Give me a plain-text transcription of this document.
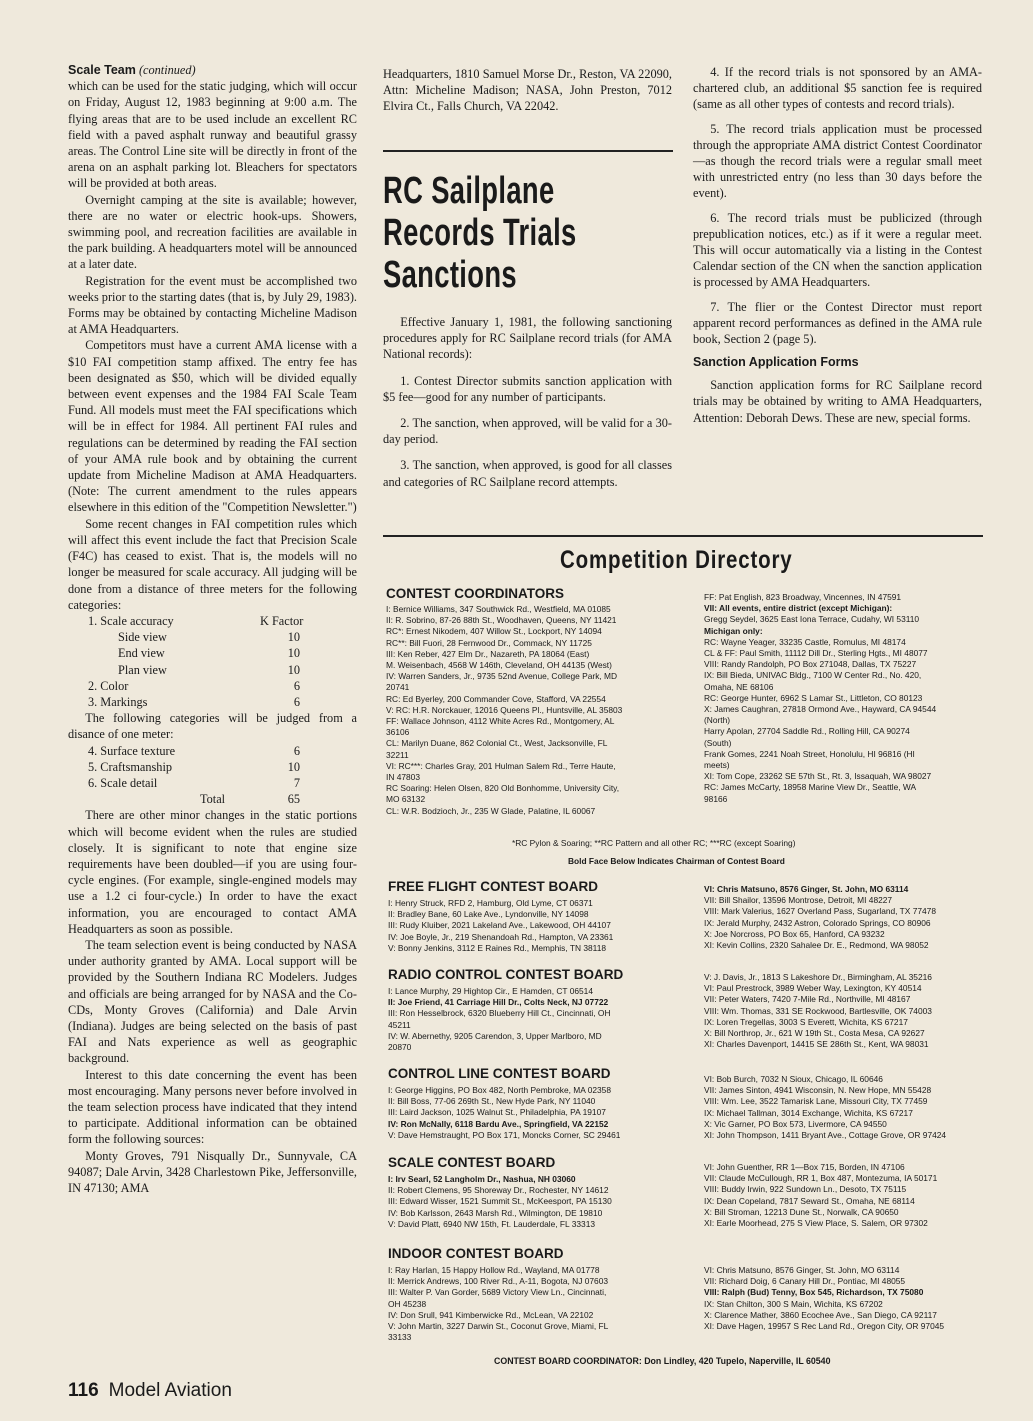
Scale Team (continued)

which can be used for the static judging, which will occur on Friday, August 12, 1983 beginning at 9:00 a.m. The flying areas that are to be used include an excellent RC field with a paved asphalt runway and beautiful grassy areas. The Control Line site will be directly in front of the arena on an asphalt parking lot. Bleachers for spectators will be provided at both areas.

Overnight camping at the site is available; however, there are no water or electric hook-ups. Showers, swimming pool, and recreation facilities are available in the park building. A headquarters motel will be announced at a later date.

Registration for the event must be accomplished two weeks prior to the starting dates (that is, by July 29, 1983). Forms may be obtained by contacting Micheline Madison at AMA Headquarters.

Competitors must have a current AMA license with a $10 FAI competition stamp affixed. The entry fee has been designated as $50, which will be divided equally between event expenses and the 1984 FAI Scale Team Fund. All models must meet the FAI specifications which will be in effect for 1984. All pertinent FAI rules and regulations can be determined by reading the FAI section of your AMA rule book and by obtaining the current update from Micheline Madison at AMA Headquarters. (Note: The current amendment to the rules appears elsewhere in this edition of the "Competition Newsletter.")

Some recent changes in FAI competition rules which will affect this event include the fact that Precision Scale (F4C) has ceased to exist. That is, the models will no longer be measured for scale accuracy. All judging will be done from a distance of three meters for the following categories:

1. Scale accuracy	K Factor
Side view	10
End view	10
Plan view	10
2. Color	6
3. Markings	6

The following categories will be judged from a disance of one meter:

4. Surface texture	6
5. Craftsmanship	10
6. Scale detail	7
Total	65

There are other minor changes in the static portions which will become evident when the rules are studied closely. It is significant to note that engine size requirements have been doubled—if you are using four-cycle engines. (For example, single-engined models may use a 1.2 ci four-cycle.) In order to have the exact information, you are encouraged to contact AMA Headquarters as soon as possible.

The team selection event is being conducted by NASA under authority granted by AMA. Local support will be provided by the Southern Indiana RC Modelers. Judges and officials are being arranged for by NASA and the Co-CDs, Monty Groves (California) and Dale Arvin (Indiana). Judges are being selected on the basis of past FAI and Nats experience as well as geographic background.

Interest to this date concerning the event has been most encouraging. Many persons never before involved in the team selection process have indicated that they intend to participate. Additional information can be obtained form the following sources:

Monty Groves, 791 Nisqually Dr., Sunnyvale, CA 94087; Dale Arvin, 3428 Charlestown Pike, Jeffersonville, IN 47130; AMA

Headquarters, 1810 Samuel Morse Dr., Reston, VA 22090, Attn: Micheline Madison; NASA, John Preston, 7012 Elvira Ct., Falls Church, VA 22042.

RC Sailplane
Records Trials
Sanctions

Effective January 1, 1981, the following sanctioning procedures apply for RC Sailplane record trials (for AMA National records):

1. Contest Director submits sanction application with $5 fee—good for any number of participants.

2. The sanction, when approved, will be valid for a 30-day period.

3. The sanction, when approved, is good for all classes and categories of RC Sailplane record attempts.

4. If the record trials is not sponsored by an AMA-chartered club, an additional $5 sanction fee is required (same as all other types of contests and record trials).

5. The record trials application must be processed through the appropriate AMA district Contest Coordinator—as though the record trials were a regular small meet with unrestricted entry (no less than 30 days before the event).

6. The record trials must be publicized (through prepublication notices, etc.) as if it were a regular meet. This will occur automatically via a listing in the Contest Calendar section of the CN when the sanction application is processed by AMA Headquarters.

7. The flier or the Contest Director must report apparent record performances as defined in the AMA rule book, Section 2 (page 5).

Sanction Application Forms

Sanction application forms for RC Sailplane record trials may be obtained by writing to AMA Headquarters, Attention: Deborah Dews. These are new, special forms.

Competition Directory
CONTEST COORDINATORS
I: Bernice Williams, 347 Southwick Rd., Westfield, MA 01085
II: R. Sobrino, 87-26 88th St., Woodhaven, Queens, NY 11421
RC*: Ernest Nikodem, 407 Willow St., Lockport, NY 14094
RC**: Bill Fuori, 28 Fernwood Dr., Commack, NY 11725
III: Ken Reber, 427 Elm Dr., Nazareth, PA 18064 (East)
M. Weisenbach, 4568 W 146th, Cleveland, OH 44135 (West)
IV: Warren Sanders, Jr., 9735 52nd Avenue, College Park, MD
20741
RC: Ed Byerley, 200 Commander Cove, Stafford, VA 22554
V: RC: H.R. Norckauer, 12016 Queens Pl., Huntsville, AL 35803
FF: Wallace Johnson, 4112 White Acres Rd., Montgomery, AL
36106
CL: Marilyn Duane, 862 Colonial Ct., West, Jacksonville, FL
32211
VI: RC***: Charles Gray, 201 Hulman Salem Rd., Terre Haute,
IN 47803
RC Soaring: Helen Olsen, 820 Old Bonhomme, University City,
MO 63132
CL: W.R. Bodzioch, Jr., 235 W Glade, Palatine, IL 60067
FF: Pat English, 823 Broadway, Vincennes, IN 47591
VII: All events, entire district (except Michigan):
Gregg Seydel, 3625 East Iona Terrace, Cudahy, WI 53110
Michigan only:
RC: Wayne Yeager, 33235 Castle, Romulus, MI 48174
CL & FF: Paul Smith, 11112 Dill Dr., Sterling Hgts., MI 48077
VIII: Randy Randolph, PO Box 271048, Dallas, TX 75227
IX: Bill Bieda, UNIVAC Bldg., 7100 W Center Rd., No. 420,
Omaha, NE 68106
RC: George Hunter, 6962 S Lamar St., Littleton, CO 80123
X: James Caughran, 27818 Ormond Ave., Hayward, CA 94544
(North)
Harry Apolan, 27704 Saddle Rd., Rolling Hill, CA 90274
(South)
Frank Gomes, 2241 Noah Street, Honolulu, HI 96816 (HI
meets)
XI: Tom Cope, 23262 SE 57th St., Rt. 3, Issaquah, WA 98027
RC: James McCarty, 18958 Marine View Dr., Seattle, WA
98166
*RC Pylon & Soaring; **RC Pattern and all other RC; ***RC (except Soaring)
Bold Face Below Indicates Chairman of Contest Board
FREE FLIGHT CONTEST BOARD
I: Henry Struck, RFD 2, Hamburg, Old Lyme, CT 06371
II: Bradley Bane, 60 Lake Ave., Lyndonville, NY 14098
III: Rudy Kluiber, 2021 Lakeland Ave., Lakewood, OH 44107
IV: Joe Boyle, Jr., 219 Shenandoah Rd., Hampton, VA 23361
V: Bonny Jenkins, 3112 E Raines Rd., Memphis, TN 38118
VI: Chris Matsuno, 8576 Ginger, St. John, MO 63114
VII: Bill Shailor, 13596 Montrose, Detroit, MI 48227
VIII: Mark Valerius, 1627 Overland Pass, Sugarland, TX 77478
IX: Jerald Murphy, 2432 Astron, Colorado Springs, CO 80906
X: Joe Norcross, PO Box 65, Hanford, CA 93232
XI: Kevin Collins, 2320 Sahalee Dr. E., Redmond, WA 98052
RADIO CONTROL CONTEST BOARD
I: Lance Murphy, 29 Hightop Cir., E Hamden, CT 06514
II: Joe Friend, 41 Carriage Hill Dr., Colts Neck, NJ 07722
III: Ron Hesselbrock, 6320 Blueberry Hill Ct., Cincinnati, OH
45211
IV: W. Abernethy, 9205 Carendon, 3, Upper Marlboro, MD
20870
V: J. Davis, Jr., 1813 S Lakeshore Dr., Birmingham, AL 35216
VI: Paul Prestrock, 3989 Weber Way, Lexington, KY 40514
VII: Peter Waters, 7420 7-Mile Rd., Northville, MI 48167
VIII: Wm. Thomas, 331 SE Rockwood, Bartlesville, OK 74003
IX: Loren Tregellas, 3003 S Everett, Wichita, KS 67217
X: Bill Northrop, Jr., 621 W 19th St., Costa Mesa, CA 92627
XI: Charles Davenport, 14415 SE 286th St., Kent, WA 98031
CONTROL LINE CONTEST BOARD
I: George Higgins, PO Box 482, North Pembroke, MA 02358
II: Bill Boss, 77-06 269th St., New Hyde Park, NY 11040
III: Laird Jackson, 1025 Walnut St., Philadelphia, PA 19107
IV: Ron McNally, 6118 Bardu Ave., Springfield, VA 22152
V: Dave Hemstraught, PO Box 171, Moncks Corner, SC 29461
VI: Bob Burch, 7032 N Sioux, Chicago, IL 60646
VII: James Sinton, 4941 Wisconsin, N. New Hope, MN 55428
VIII: Wm. Lee, 3522 Tamarisk Lane, Missouri City, TX 77459
IX: Michael Tallman, 3014 Exchange, Wichita, KS 67217
X: Vic Garner, PO Box 573, Livermore, CA 94550
XI: John Thompson, 1411 Bryant Ave., Cottage Grove, OR 97424
SCALE CONTEST BOARD
I: Irv Searl, 52 Langholm Dr., Nashua, NH 03060
II: Robert Clemens, 95 Shoreway Dr., Rochester, NY 14612
III: Edward Wisser, 1521 Summit St., McKeesport, PA 15130
IV: Bob Karlsson, 2643 Marsh Rd., Wilmington, DE 19810
V: David Platt, 6940 NW 15th, Ft. Lauderdale, FL 33313
VI: John Guenther, RR 1—Box 715, Borden, IN 47106
VII: Claude McCullough, RR 1, Box 487, Montezuma, IA 50171
VIII: Buddy Irwin, 922 Sundown Ln., Desoto, TX 75115
IX: Dean Copeland, 7817 Seward St., Omaha, NE 68114
X: Bill Stroman, 12213 Dune St., Norwalk, CA 90650
XI: Earle Moorhead, 275 S View Place, S. Salem, OR 97302
INDOOR CONTEST BOARD
I: Ray Harlan, 15 Happy Hollow Rd., Wayland, MA 01778
II: Merrick Andrews, 100 River Rd., A-11, Bogota, NJ 07603
III: Walter P. Van Gorder, 5689 Victory View Ln., Cincinnati,
OH 45238
IV: Don Srull, 941 Kimberwicke Rd., McLean, VA 22102
V: John Martin, 3227 Darwin St., Coconut Grove, Miami, FL
33133
VI: Chris Matsuno, 8576 Ginger, St. John, MO 63114
VII: Richard Doig, 6 Canary Hill Dr., Pontiac, MI 48055
VIII: Ralph (Bud) Tenny, Box 545, Richardson, TX 75080
IX: Stan Chilton, 300 S Main, Wichita, KS 67202
X: Clarence Mather, 3860 Ecochee Ave., San Diego, CA 92117
XI: Dave Hagen, 19957 S Rec Land Rd., Oregon City, OR 97045
CONTEST BOARD COORDINATOR: Don Lindley, 420 Tupelo, Naperville, IL 60540
116 Model Aviation
